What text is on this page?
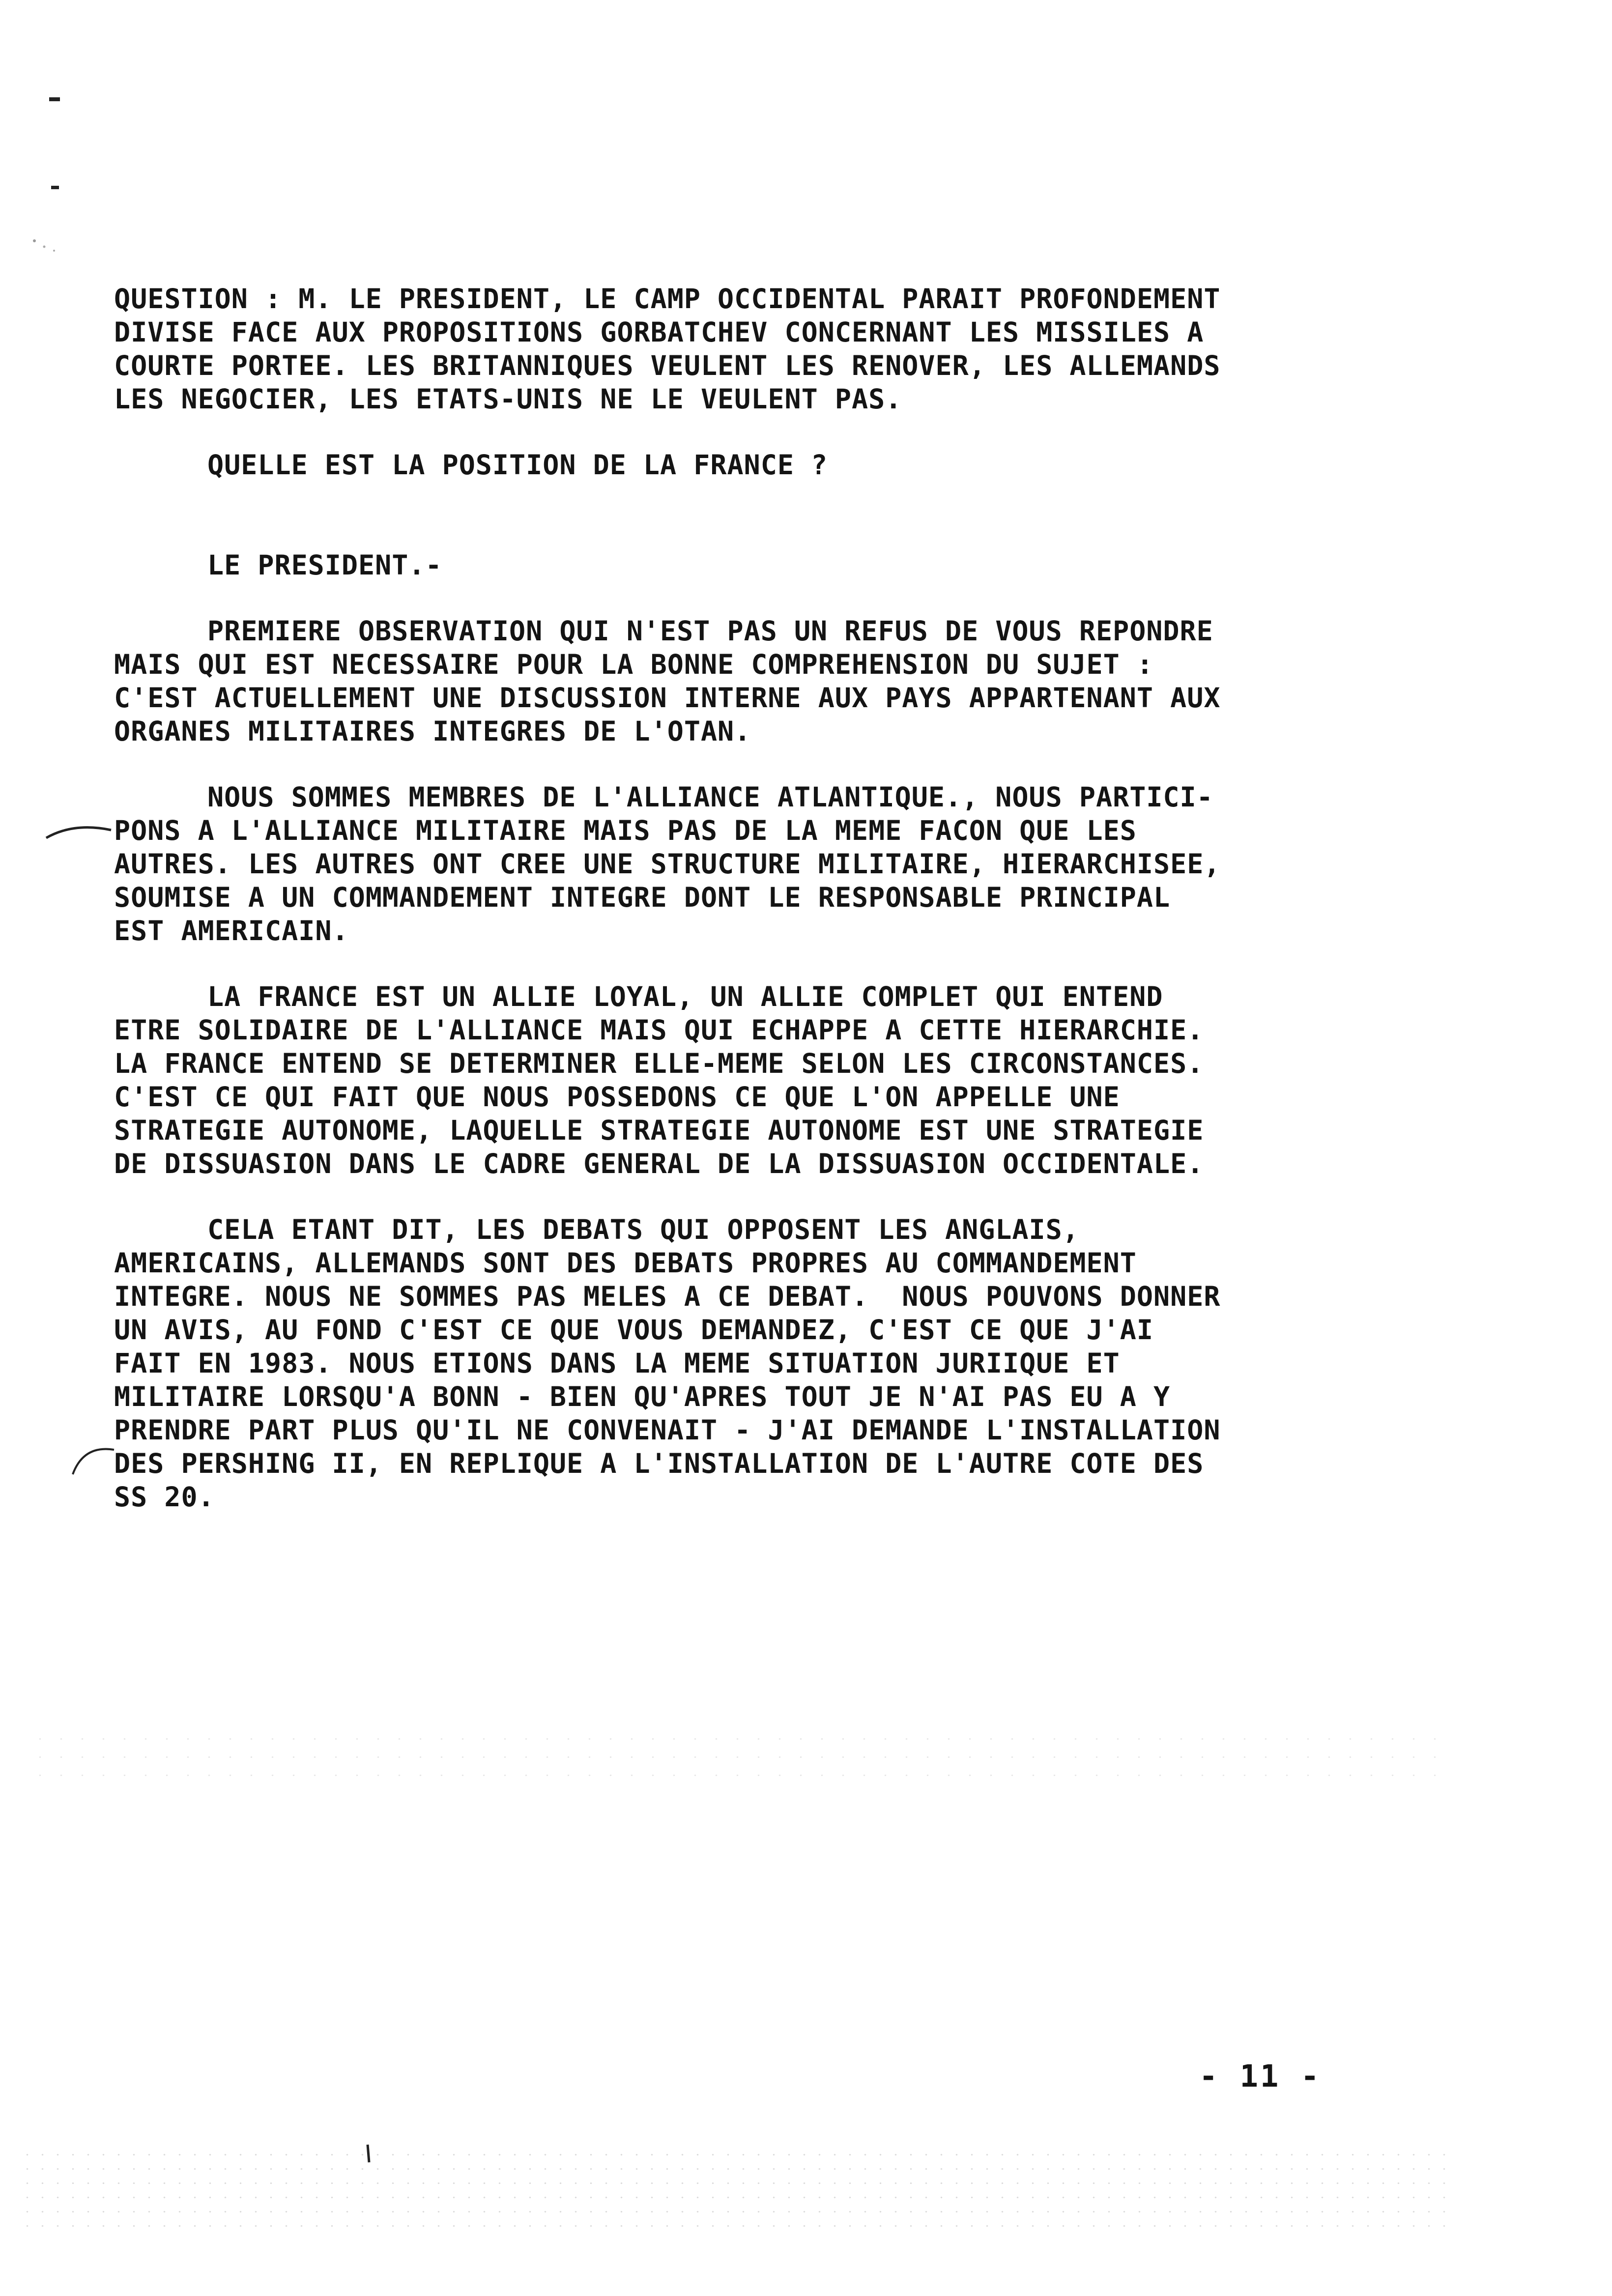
QUESTION : M. LE PRESIDENT, LE CAMP OCCIDENTAL PARAIT PROFONDEMENT
DIVISE FACE AUX PROPOSITIONS GORBATCHEV CONCERNANT LES MISSILES A
COURTE PORTEE. LES BRITANNIQUES VEULENT LES RENOVER, LES ALLEMANDS
LES NEGOCIER, LES ETATS-UNIS NE LE VEULENT PAS.
QUELLE EST LA POSITION DE LA FRANCE ?
LE PRESIDENT.-
PREMIERE OBSERVATION QUI N'EST PAS UN REFUS DE VOUS REPONDRE
MAIS QUI EST NECESSAIRE POUR LA BONNE COMPREHENSION DU SUJET :
C'EST ACTUELLEMENT UNE DISCUSSION INTERNE AUX PAYS APPARTENANT AUX
ORGANES MILITAIRES INTEGRES DE L'OTAN.
NOUS SOMMES MEMBRES DE L'ALLIANCE ATLANTIQUE., NOUS PARTICI-
PONS A L'ALLIANCE MILITAIRE MAIS PAS DE LA MEME FACON QUE LES
AUTRES. LES AUTRES ONT CREE UNE STRUCTURE MILITAIRE, HIERARCHISEE,
SOUMISE A UN COMMANDEMENT INTEGRE DONT LE RESPONSABLE PRINCIPAL
EST AMERICAIN.
LA FRANCE EST UN ALLIE LOYAL, UN ALLIE COMPLET QUI ENTEND
ETRE SOLIDAIRE DE L'ALLIANCE MAIS QUI ECHAPPE A CETTE HIERARCHIE.
LA FRANCE ENTEND SE DETERMINER ELLE-MEME SELON LES CIRCONSTANCES.
C'EST CE QUI FAIT QUE NOUS POSSEDONS CE QUE L'ON APPELLE UNE
STRATEGIE AUTONOME, LAQUELLE STRATEGIE AUTONOME EST UNE STRATEGIE
DE DISSUASION DANS LE CADRE GENERAL DE LA DISSUASION OCCIDENTALE.
CELA ETANT DIT, LES DEBATS QUI OPPOSENT LES ANGLAIS,
AMERICAINS, ALLEMANDS SONT DES DEBATS PROPRES AU COMMANDEMENT
INTEGRE. NOUS NE SOMMES PAS MELES A CE DEBAT.  NOUS POUVONS DONNER
UN AVIS, AU FOND C'EST CE QUE VOUS DEMANDEZ, C'EST CE QUE J'AI
FAIT EN 1983. NOUS ETIONS DANS LA MEME SITUATION JURIIQUE ET
MILITAIRE LORSQU'A BONN - BIEN QU'APRES TOUT JE N'AI PAS EU A Y
PRENDRE PART PLUS QU'IL NE CONVENAIT - J'AI DEMANDE L'INSTALLATION
DES PERSHING II, EN REPLIQUE A L'INSTALLATION DE L'AUTRE COTE DES
SS 20.
- 11 -
